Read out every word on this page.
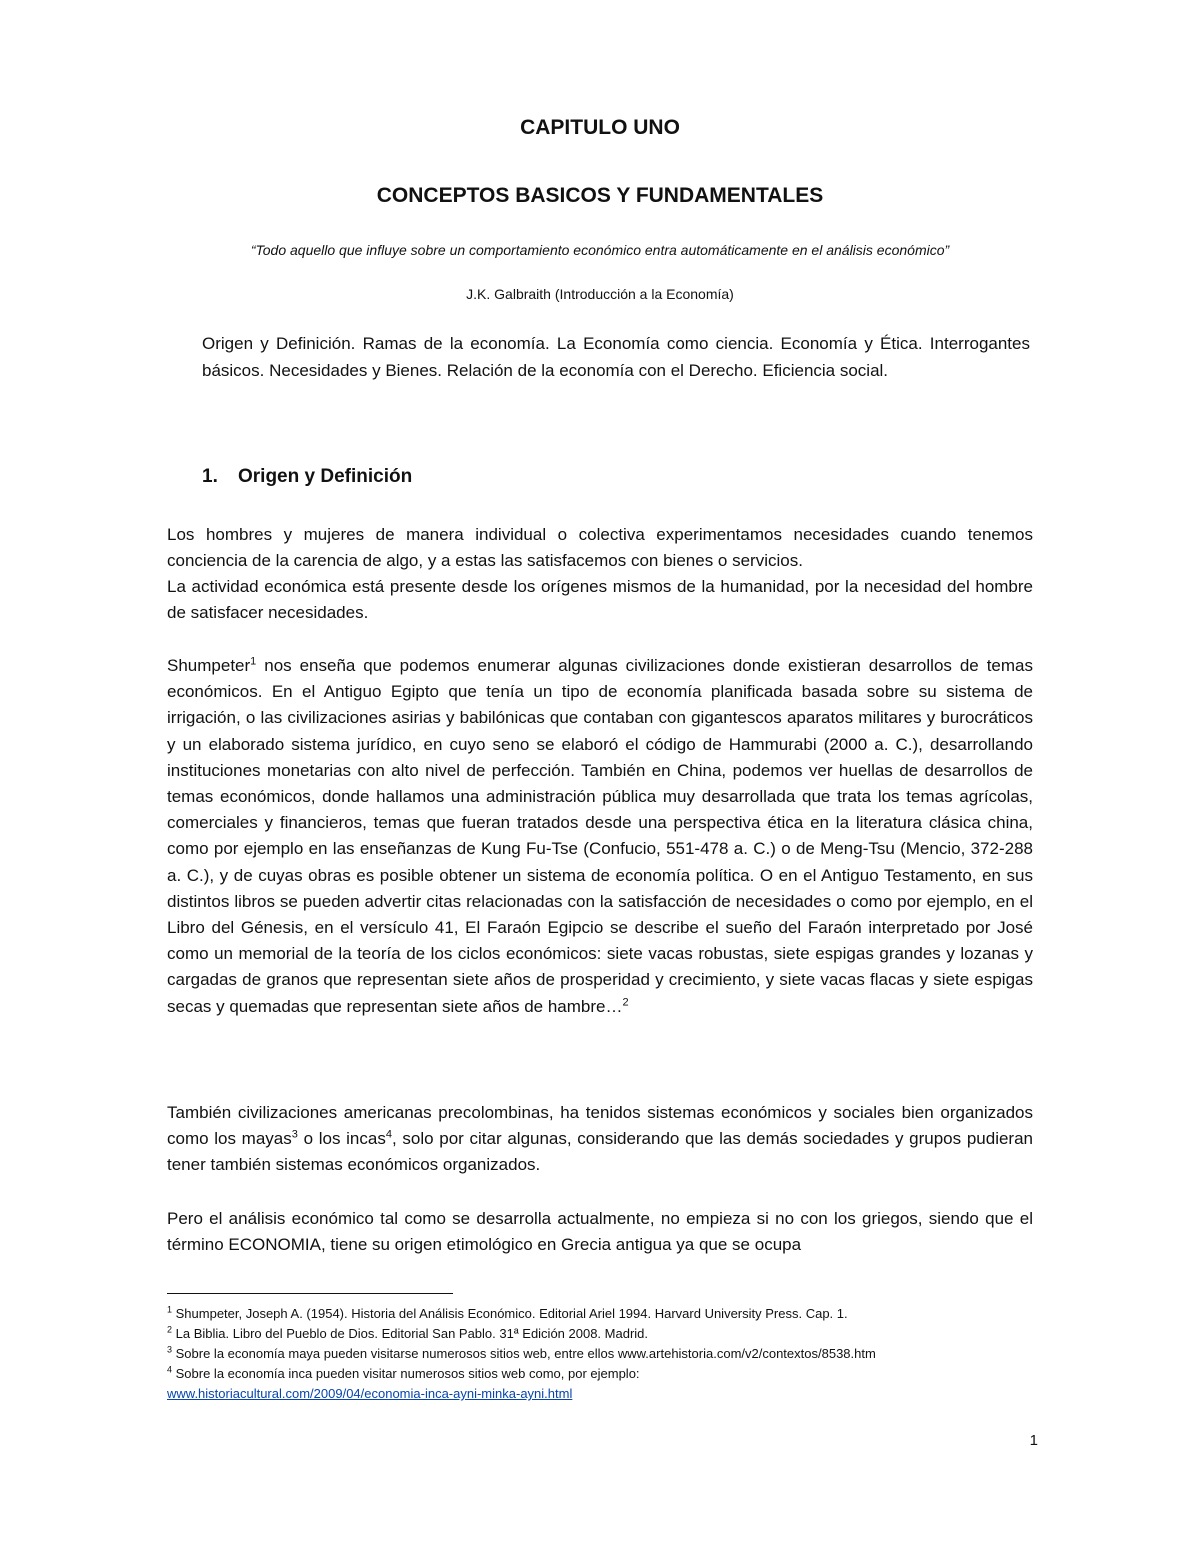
CAPITULO UNO
CONCEPTOS BASICOS Y FUNDAMENTALES

“Todo aquello que influye sobre un comportamiento económico entra automáticamente en el análisis económico”

J.K. Galbraith (Introducción a la Economía)

Origen y Definición. Ramas de la economía. La Economía como ciencia. Economía y Ética. Interrogantes básicos. Necesidades y Bienes. Relación de la economía con el Derecho. Eficiencia social.

1. Origen y Definición

Los hombres y mujeres de manera individual o colectiva experimentamos necesidades cuando tenemos conciencia de la carencia de algo, y a estas las satisfacemos con bienes o servicios.

La actividad económica está presente desde los orígenes mismos de la humanidad, por la necesidad del hombre de satisfacer necesidades.

Shumpeter$^1$ nos enseña que podemos enumerar algunas civilizaciones donde existieran desarrollos de temas económicos. En el Antiguo Egipto que tenía un tipo de economía planificada basada sobre su sistema de irrigación, o las civilizaciones asirias y babilónicas que contaban con gigantescos aparatos militares y burocráticos y un elaborado sistema jurídico, en cuyo seno se elaboró el código de Hammurabi (2000 a. C.), desarrollando instituciones monetarias con alto nivel de perfección. También en China, podemos ver huellas de desarrollos de temas económicos, donde hallamos una administración pública muy desarrollada que trata los temas agrícolas, comerciales y financieros, temas que fueran tratados desde una perspectiva ética en la literatura clásica china, como por ejemplo en las enseñanzas de Kung Fu-Tse (Confucio, 551-478 a. C.) o de Meng-Tsu (Mencio, 372-288 a. C.), y de cuyas obras es posible obtener un sistema de economía política. O en el Antiguo Testamento, en sus distintos libros se pueden advertir citas relacionadas con la satisfacción de necesidades o como por ejemplo, en el Libro del Génesis, en el versículo 41, El Faraón Egipcio se describe el sueño del Faraón interpretado por José como un memorial de la teoría de los ciclos económicos: siete vacas robustas, siete espigas grandes y lozanas y cargadas de granos que representan siete años de prosperidad y crecimiento, y siete vacas flacas y siete espigas secas y quemadas que representan siete años de hambre…$^2$

También civilizaciones americanas precolombinas, ha tenidos sistemas económicos y sociales bien organizados como los mayas$^3$ o los incas$^4$, solo por citar algunas, considerando que las demás sociedades y grupos pudieran tener también sistemas económicos organizados.

Pero el análisis económico tal como se desarrolla actualmente, no empieza si no con los griegos, siendo que el término ECONOMIA, tiene su origen etimológico en Grecia antigua ya que se ocupa

$^1$ Shumpeter, Joseph A. (1954). Historia del Análisis Económico. Editorial Ariel 1994. Harvard University Press. Cap. 1.
$^2$ La Biblia. Libro del Pueblo de Dios. Editorial San Pablo. 31ª Edición 2008. Madrid.
$^3$ Sobre la economía maya pueden visitarse numerosos sitios web, entre ellos www.artehistoria.com/v2/contextos/8538.htm
$^4$ Sobre la economía inca pueden visitar numerosos sitios web como, por ejemplo:
www.historiacultural.com/2009/04/economia-inca-ayni-minka-ayni.html
1
